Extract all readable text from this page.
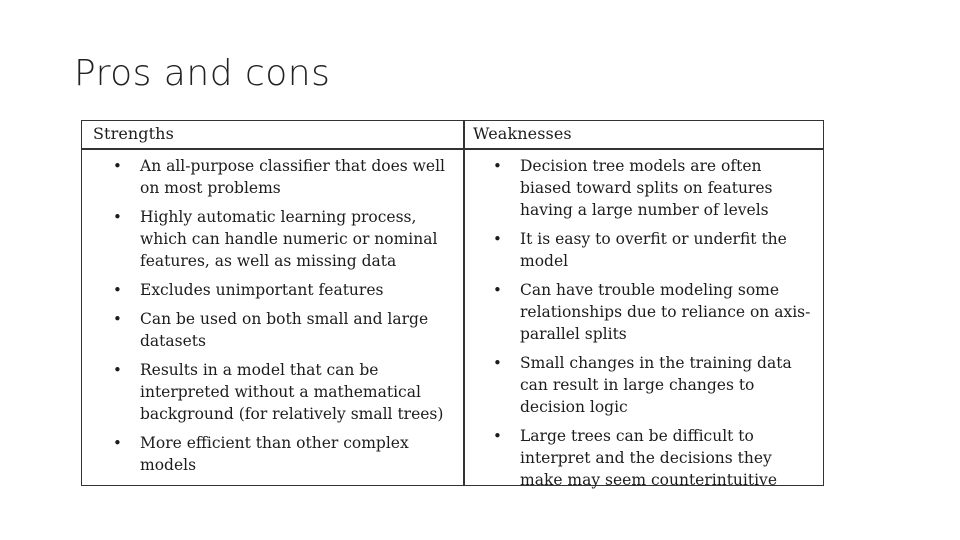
Pros and cons
Strengths	Weaknesses
• An all-purpose classifier that does well on most problems
• Highly automatic learning process, which can handle numeric or nominal features, as well as missing data
• Excludes unimportant features
• Can be used on both small and large datasets
• Results in a model that can be interpreted without a mathematical background (for relatively small trees)
• More efficient than other complex models
• Decision tree models are often biased toward splits on features having a large number of levels
• It is easy to overfit or underfit the model
• Can have trouble modeling some relationships due to reliance on axis-parallel splits
• Small changes in the training data can result in large changes to decision logic
• Large trees can be difficult to interpret and the decisions they make may seem counterintuitive
